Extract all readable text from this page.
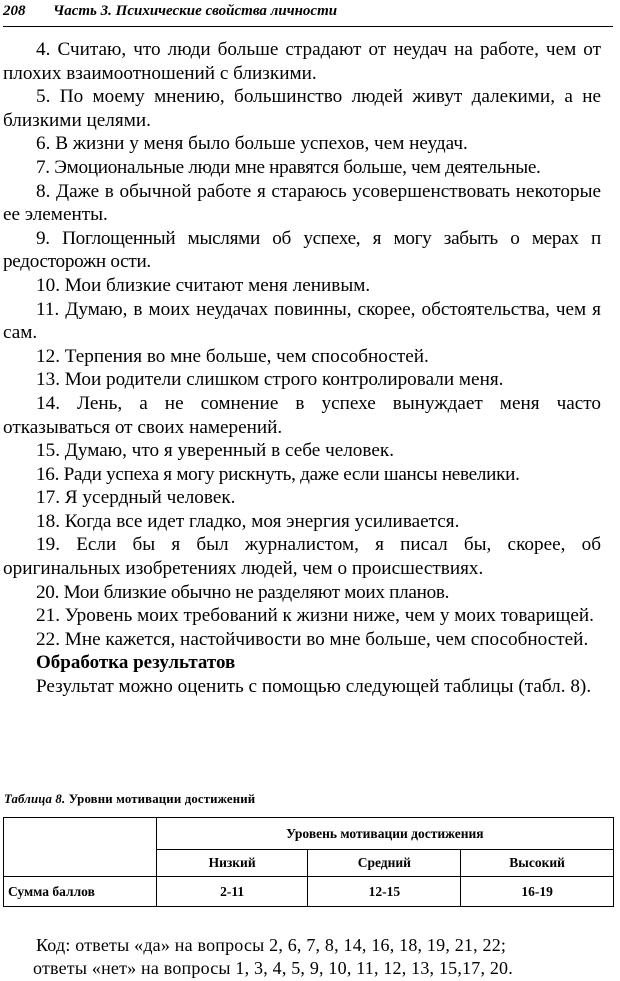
208 Часть 3. Психические свойства личности

4. Считаю, что люди больше страдают от неудач на работе, чем от плохих взаимоотношений с близкими.

5. По моему мнению, большинство людей живут далекими, а не близкими целями.

6. В жизни у меня было больше успехов, чем неудач.

7. Эмоциональные люди мне нравятся больше, чем деятельные.

8. Даже в обычной работе я стараюсь усовершенствовать некоторые ее элементы.

9. Поглощенный мыслями об успехе, я могу забыть о мерах п редосторожн ости.

10. Мои близкие считают меня ленивым.

11. Думаю, в моих неудачах повинны, скорее, обстоятельства, чем я сам.

12. Терпения во мне больше, чем способностей.

13. Мои родители слишком строго контролировали меня.

14. Лень, а не сомнение в успехе вынуждает меня часто отказываться от своих намерений.

15. Думаю, что я уверенный в себе человек.

16. Ради успеха я могу рискнуть, даже если шансы невелики.

17. Я усердный человек.

18. Когда все идет гладко, моя энергия усиливается.

19. Если бы я был журналистом, я писал бы, скорее, об оригинальных изобретениях людей, чем о происшествиях.

20. Мои близкие обычно не разделяют моих планов.

21. Уровень моих требований к жизни ниже, чем у моих товарищей.

22. Мне кажется, настойчивости во мне больше, чем способностей.

Обработка результатов

Результат можно оценить с помощью следующей таблицы (табл. 8).

Таблица 8. Уровни мотивации достижений
	Уровень мотивации достижения		
	Низкий	Средний	Высокий
Сумма баллов	2-11	12-15	16-19
Код: ответы «да» на вопросы 2, 6, 7, 8, 14, 16, 18, 19, 21, 22;
ответы «нет» на вопросы 1, 3, 4, 5, 9, 10, 11, 12, 13, 15,17, 20.
